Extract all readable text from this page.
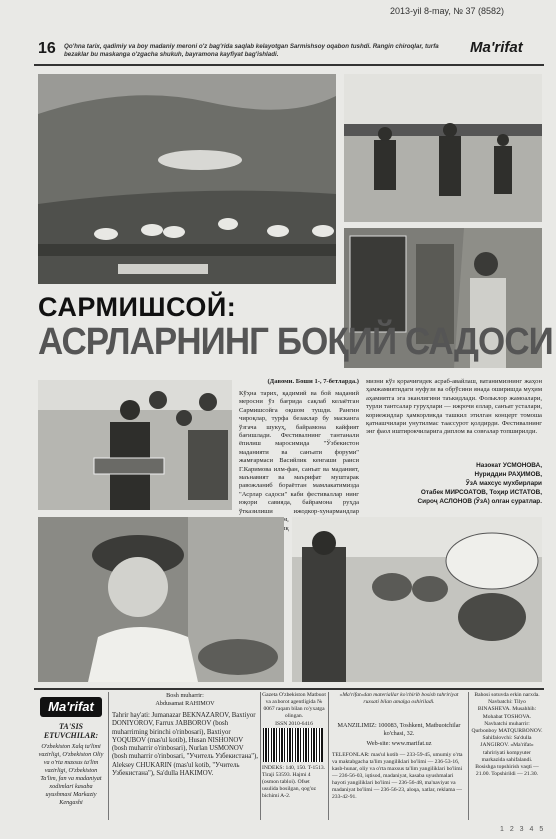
2013-yil 8-may, № 37 (8582)
16 Qo'hna tarix, qadimiy va boy madaniy meroni o'z bag'rida saqlab kelayotgan Sarmishsoy oqabon tushdi. Rangin chiroqlar, turfa bezaklar bu maskanga o'zgacha shukuh, bayramona kayfiyat bag'ishladi.	Ma'rifat
САРМИШСОЙ:
АСРЛАРНИНГ БОҚИЙ САДОСИ
(Давоми. Боши 1-, 7-бетларда.)
Кўҳна тарих, қадимий ва бой маданий меросни ўз бағрида сақлаб келаётган Сармишсойга оқшом тушди. Рангин чироқлар, турфа безаклар бу масканга ўзгача шукуҳ, байрамона кайфият бағишлади. Фестивалнинг тантанали ёпилиш маросимида "Ўзбекистон маданияти ва санъати форуми" жамғармаси Васийлик кенгаши раиси Г.Каримова илм-фан, санъат ва маданият, маънавият ва маърифат муштарак равожланиб бораётган мамлакатимизда "Асрлар садоси" каби фестиваллар нинг юқори савияда, байрамона руҳда ўтказилиши ижодкор-хунармандлар
мизни кўз қорачиғидек асраб-авайлаш, ватанимизнинг жаҳон ҳамжамиятидаги нуфузи ва обрўсини янада оширишда муҳим аҳамиятга эга эканлигини таъкидлади. Фольклор жамоалари, турли тантсалар гуруҳлари — ижрочи еллар, санъат усталари, кориежидлар ҳамкорликда ташкил этилган концерт томоша қатнашчилари унутилмас таассурот қолдирди. Фестивалнинг энг фаол иштирокчиларига диплом ва совғалар топширилди.
Назокат УСМОНОВА,
Нуриддин РАҲИМОВ,
ЎзА махсус мухбирлари
Отабек МИРСОАТОВ, Тоҳир ИСТАТОВ,
Сироҷ АСЛОНОВ (ЎзА) олган суратлар.
Ma'rifat
TA'SIS ETUVCHILAR:
O'zbekiston Xalq ta'limi vazirligi, O'zbekiston Oliy va o'rta maxsus ta'lim vazirligi, O'zbekiston Ta'lim, fan va madaniyat xodimlari kasaba uyushmasi Markaziy Kengashi
Bosh muharrir:
Abdusamat RAHIMOV
Tahrir hay'ati: Jumanazar BEKNAZAROV, Baxtiyor DONIYOROV, Farrux JABBOROV (bosh muharrirning birinchi o'rinbosari), Baxtiyor YOQUBOV (mas'ul kotib), Husan NISHONOV (bosh muharrir o'rinbosari), Nurlan USMONOV (bosh muharrir o'rinbosari, "Учитель Узбекистана"), Aleksey CHUKARIN (mas'ul kotib, "Учитель Узбекистана"), Sa'dulla HAKIMOV.
Gazeta O'zbekiston Matbuot va axborot agentligida № 0067 raqam bilan ro'yxatga olingan.
ISSN 2010-6416
INDEKS: 140, 150. T-1513. Tiraji 53593. Hajmi 4 (osmon tabloi). Ofset usulida bosilgan, qog'oz bichimi A-2.
«Ma'rifat»dan materiallar ko'chirib bosish tahririyat ruxsati bilan amalga oshiriladi.
MANZILIMIZ: 100083, Toshkent, Matbuotchilar ko'chasi, 32.
Web-site: www.marifat.uz
TELEFONLAR: mas'ul kotib — 233-59-45, umumiy o'rta va maktabgacha ta'lim yangiliklari bo'limi — 236-53-16, kasb-hunar, oliy va o'rta maxsus ta'lim yangiliklari bo'limi — 236-56-03, iqtisod, madaniyat, kasaba uyushmalari hayoti yangiliklari bo'limi — 236-56-48, ma'naviyat va madaniyat bo'limi — 236-56-23, aloqa, xatlar, reklama — 233-42-91.
Bahosi sotuvda erkin narxda. Navbatchi: Tilyo BINASHEVA. Musahhih: Mohabat TOSHOVA. Navbatchi muharrir: Qurbonboy MATQURBONOV. Sahifalovchi: Sa'dulla JANGIROV. «Ma'rifat» tahririyati kompyuter markazida sahifalandi. Bosishga topshirish vaqti — 21.00. Topshirildi — 21.30.
1 2 3 4 5
